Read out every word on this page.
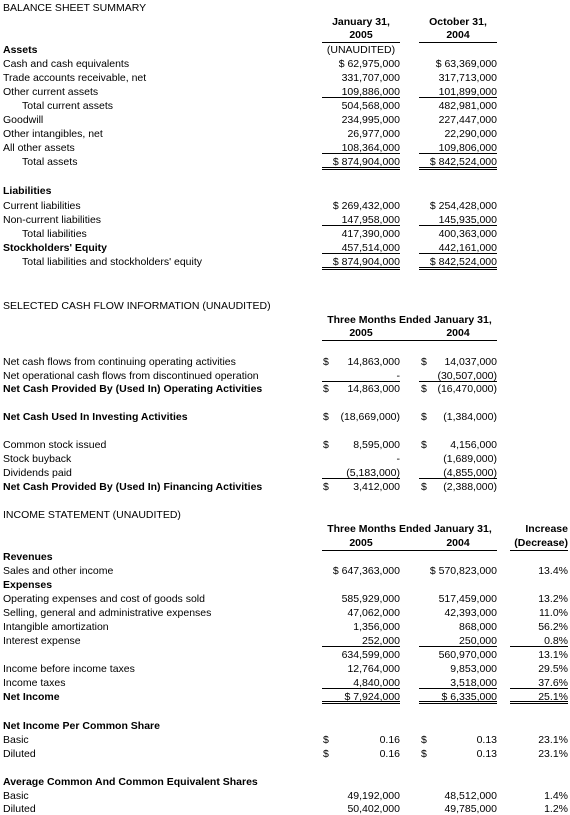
BALANCE SHEET SUMMARY
January 31,
2005
October 31,
2004
Assets	(UNAUDITED)
Cash and cash equivalents	$ 62,975,000	$ 63,369,000
Trade accounts receivable, net	331,707,000	317,713,000
Other current assets	109,886,000	101,899,000
Total current assets	504,568,000	482,981,000
Goodwill	234,995,000	227,447,000
Other intangibles, net	26,977,000	22,290,000
All other assets	108,364,000	109,806,000
Total assets	$ 874,904,000	$ 842,524,000
Liabilities
Current liabilities	$ 269,432,000	$ 254,428,000
Non-current liabilities	147,958,000	145,935,000
Total liabilities	417,390,000	400,363,000
Stockholders' Equity	457,514,000	442,161,000
Total liabilities and stockholders' equity	$ 874,904,000	$ 842,524,000
SELECTED CASH FLOW INFORMATION (UNAUDITED)
Three Months Ended January 31,
2005	2004
Net cash flows from continuing operating activities	$	14,863,000 $	14,037,000
Net operational cash flows from discontinued operation	-	(30,507,000)
Net Cash Provided By (Used In) Operating Activities	$	14,863,000 $	(16,470,000)
Net Cash Used In Investing Activities	$	(18,669,000) $	(1,384,000)
Common stock issued	$	8,595,000 $	4,156,000
Stock buyback	-	(1,689,000)
Dividends paid	(5,183,000)	(4,855,000)
Net Cash Provided By (Used In) Financing Activities	$	3,412,000 $	(2,388,000)
INCOME STATEMENT (UNAUDITED)
Three Months Ended January 31,
2005	2004
Increase
(Decrease)
Revenues
Expenses
Net Income Per Common Share
Average Common And Common Equivalent Shares
Sales and other income	$ 647,363,000	$ 570,823,000	13.4%
Operating expenses and cost of goods sold	585,929,000	517,459,000	13.2%
Selling, general and administrative expenses	47,062,000	42,393,000	11.0%
Intangible amortization	1,356,000	868,000	56.2%
Interest expense	252,000	250,000	0.8%
634,599,000	560,970,000	13.1%
Income before income taxes	12,764,000	9,853,000	29.5%
Income taxes	4,840,000	3,518,000	37.6%
Net Income	$ 7,924,000	$ 6,335,000	25.1%
Basic	$	0.16 $	0.13	23.1%
Diluted	$	0.16 $	0.13	23.1%
Basic	49,192,000	48,512,000	1.4%
Diluted	50,402,000	49,785,000	1.2%
